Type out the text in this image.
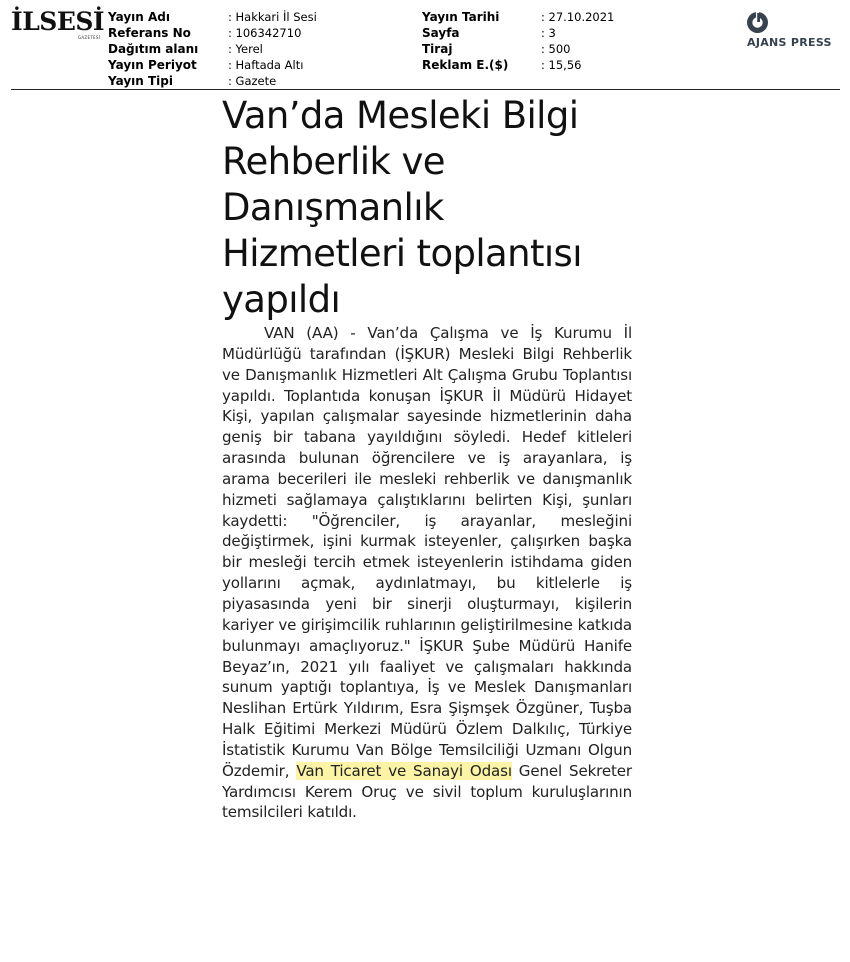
İLSESİ
GAZETESİ
Yayın Adı	: Hakkari İl Sesi
Referans No	: 106342710
Dağıtım alanı	: Yerel
Yayın Periyot	: Haftada Altı
Yayın Tipi	: Gazete
Yayın Tarihi	: 27.10.2021
Sayfa	: 3
Tiraj	: 500
Reklam E.($)	: 15,56
AJANS PRESS
Van’da Mesleki Bilgi Rehberlik ve Danışmanlık Hizmetleri toplantısı yapıldı

VAN (AA) - Van’da Çalışma ve İş Kurumu İl Müdürlüğü tarafından (İŞKUR) Mesleki Bilgi Rehberlik ve Danışmanlık Hizmetleri Alt Çalışma Grubu Toplantısı yapıldı. Toplantıda konuşan İŞKUR İl Müdürü Hidayet Kişi, yapılan çalışmalar sayesinde hizmetlerinin daha geniş bir tabana yayıldığını söyledi. Hedef kitleleri arasında bulunan öğrencilere ve iş arayanlara, iş arama becerileri ile mesleki rehberlik ve danışmanlık hizmeti sağlamaya çalıştıklarını belirten Kişi, şunları kaydetti: "Öğrenciler, iş arayanlar, mesleğini değiştirmek, işini kurmak isteyenler, çalışırken başka bir mesleği tercih etmek isteyenlerin istihdama giden yollarını açmak, aydınlatmayı, bu kitlelerle iş piyasasında yeni bir sinerji oluşturmayı, kişilerin kariyer ve girişimcilik ruhlarının geliştirilmesine katkıda bulunmayı amaçlıyoruz." İŞKUR Şube Müdürü Hanife Beyaz’ın, 2021 yılı faaliyet ve çalışmaları hakkında sunum yaptığı toplantıya, İş ve Meslek Danışmanları Neslihan Ertürk Yıldırım, Esra Şişmşek Özgüner, Tuşba Halk Eğitimi Merkezi Müdürü Özlem Dalkılıç, Türkiye İstatistik Kurumu Van Bölge Temsilciliği Uzmanı Olgun Özdemir, Van Ticaret ve Sanayi Odası Genel Sekreter Yardımcısı Kerem Oruç ve sivil toplum kuruluşlarının temsilcileri katıldı.
